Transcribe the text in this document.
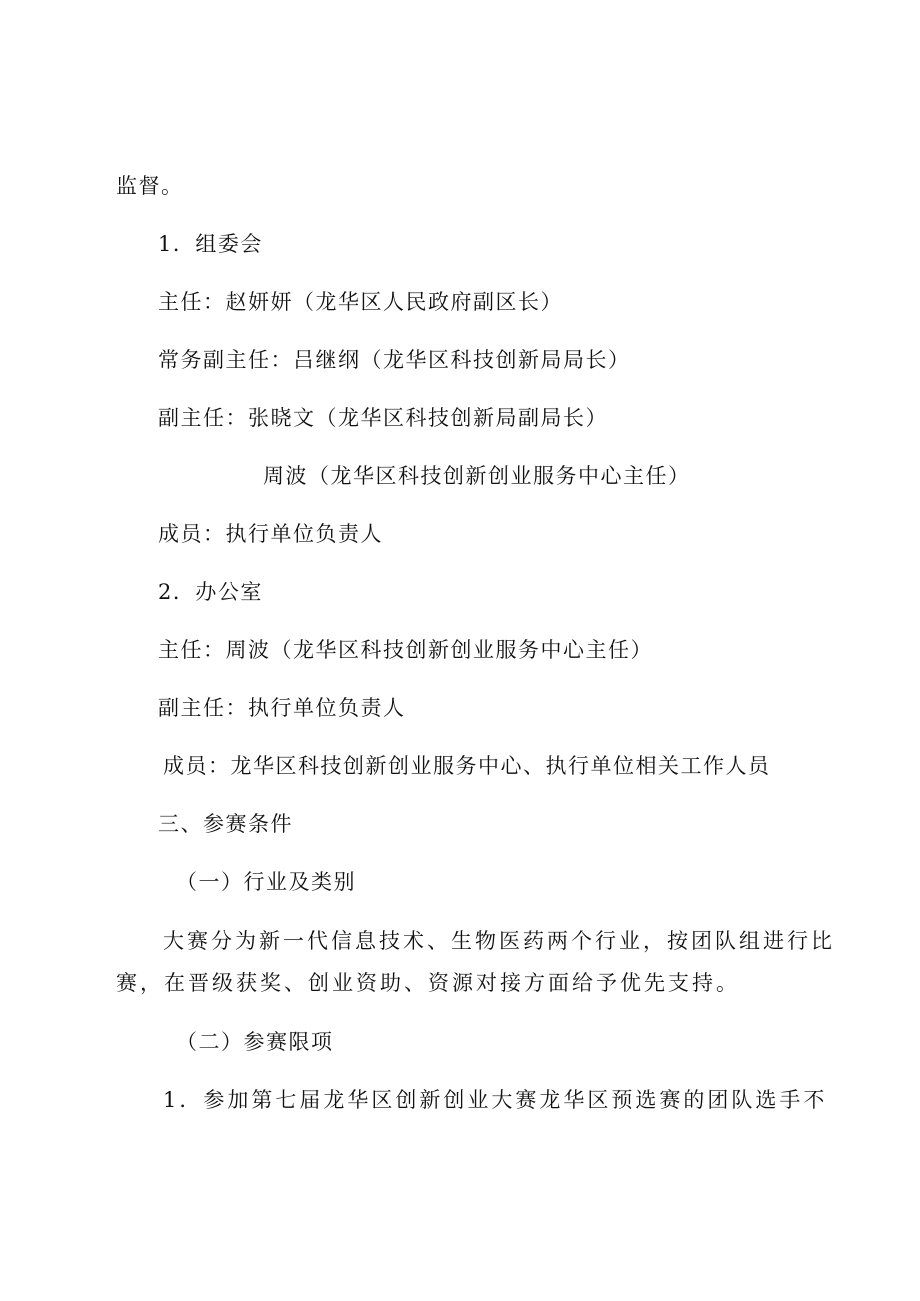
监督。
1．组委会
主任：赵妍妍（龙华区人民政府副区长）
常务副主任：吕继纲（龙华区科技创新局局长）
副主任：张晓文（龙华区科技创新局副局长）
周波（龙华区科技创新创业服务中心主任）
成员：执行单位负责人
2．办公室
主任：周波（龙华区科技创新创业服务中心主任）
副主任：执行单位负责人
成员：龙华区科技创新创业服务中心、执行单位相关工作人员
三、参赛条件
（一）行业及类别
大赛分为新一代信息技术、生物医药两个行业，按团队组进行比
赛，在晋级获奖、创业资助、资源对接方面给予优先支持。
（二）参赛限项
1．参加第七届龙华区创新创业大赛龙华区预选赛的团队选手不
